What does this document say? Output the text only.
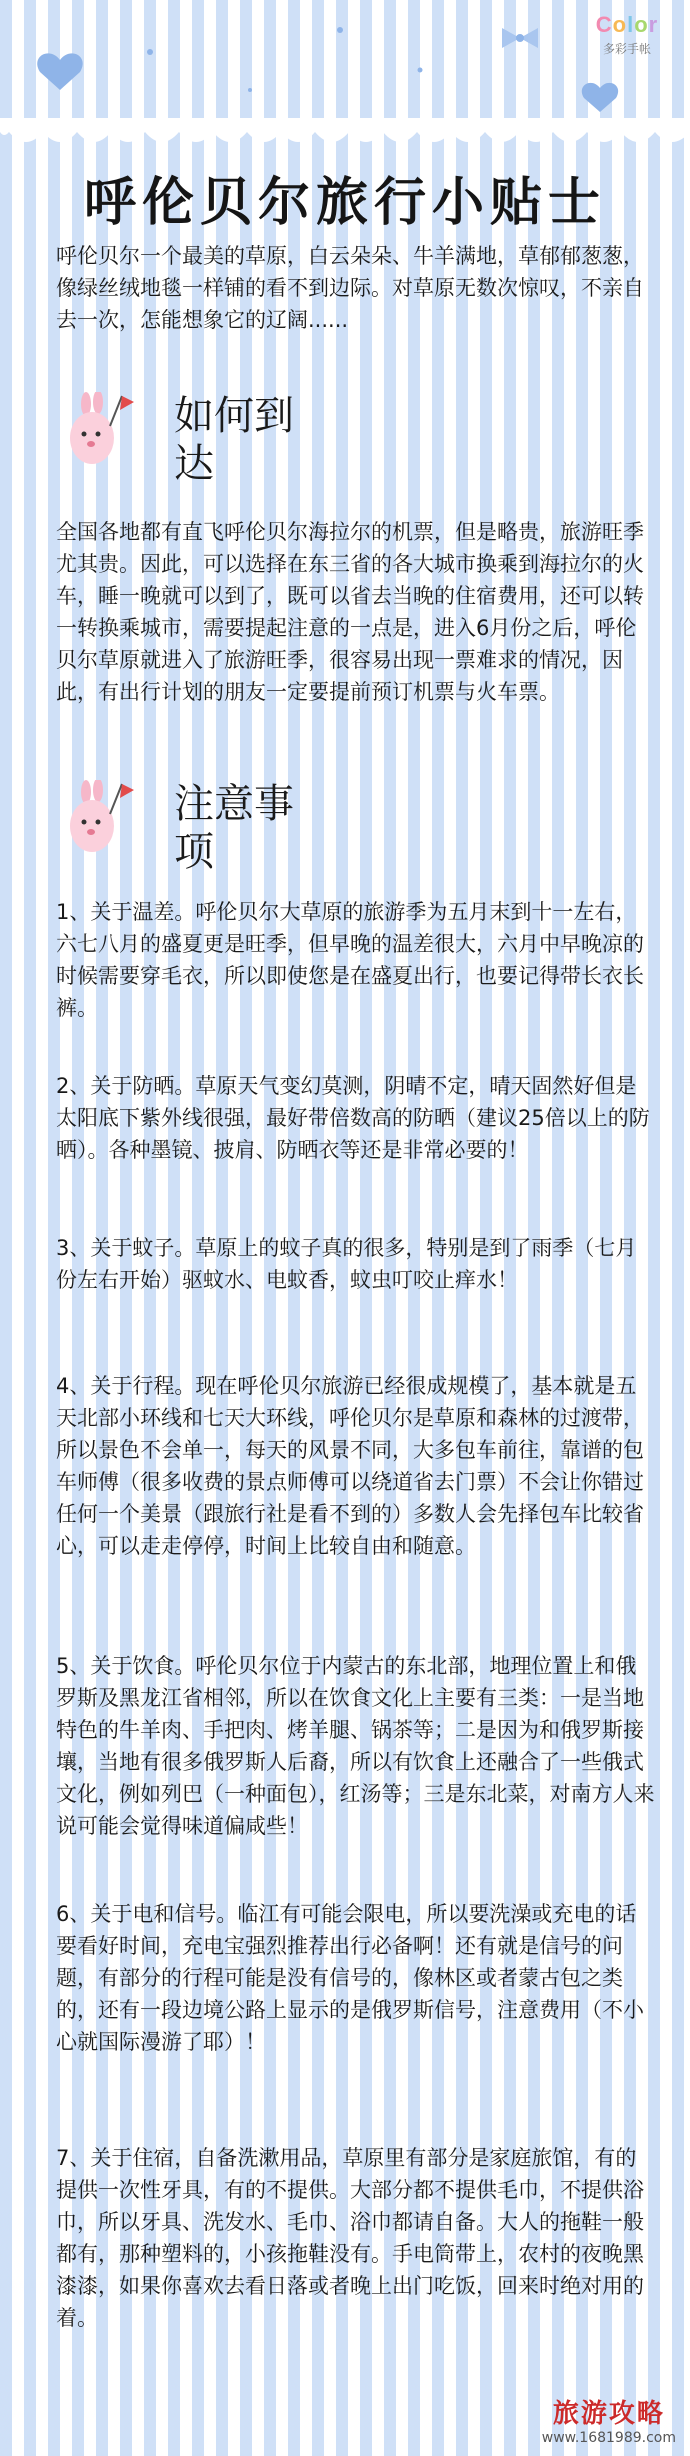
Color
多彩手帐
呼伦贝尔旅行小贴士

呼伦贝尔一个最美的草原，白云朵朵、牛羊满地，草郁郁葱葱，像绿丝绒地毯一样铺的看不到边际。对草原无数次惊叹，不亲自去一次，怎能想象它的辽阔......

如何到达

全国各地都有直飞呼伦贝尔海拉尔的机票，但是略贵，旅游旺季尤其贵。因此，可以选择在东三省的各大城市换乘到海拉尔的火车，睡一晚就可以到了，既可以省去当晚的住宿费用，还可以转一转换乘城市，需要提起注意的一点是，进入6月份之后，呼伦贝尔草原就进入了旅游旺季，很容易出现一票难求的情况，因此，有出行计划的朋友一定要提前预订机票与火车票。

注意事项

1、关于温差。呼伦贝尔大草原的旅游季为五月末到十一左右，六七八月的盛夏更是旺季，但早晚的温差很大，六月中早晚凉的时候需要穿毛衣，所以即使您是在盛夏出行，也要记得带长衣长裤。

2、关于防晒。草原天气变幻莫测，阴晴不定，晴天固然好但是太阳底下紫外线很强，最好带倍数高的防晒（建议25倍以上的防晒）。各种墨镜、披肩、防晒衣等还是非常必要的！

3、关于蚊子。草原上的蚊子真的很多，特别是到了雨季（七月份左右开始）驱蚊水、电蚊香，蚊虫叮咬止痒水！

4、关于行程。现在呼伦贝尔旅游已经很成规模了，基本就是五天北部小环线和七天大环线，呼伦贝尔是草原和森林的过渡带，所以景色不会单一，每天的风景不同，大多包车前往，靠谱的包车师傅（很多收费的景点师傅可以绕道省去门票）不会让你错过任何一个美景（跟旅行社是看不到的）多数人会先择包车比较省心，可以走走停停，时间上比较自由和随意。

5、关于饮食。呼伦贝尔位于内蒙古的东北部，地理位置上和俄罗斯及黑龙江省相邻，所以在饮食文化上主要有三类：一是当地特色的牛羊肉、手把肉、烤羊腿、锅茶等；二是因为和俄罗斯接壤，当地有很多俄罗斯人后裔，所以有饮食上还融合了一些俄式文化，例如列巴（一种面包），红汤等；三是东北菜，对南方人来说可能会觉得味道偏咸些！

6、关于电和信号。临江有可能会限电，所以要洗澡或充电的话要看好时间，充电宝强烈推荐出行必备啊！还有就是信号的问题，有部分的行程可能是没有信号的，像林区或者蒙古包之类的，还有一段边境公路上显示的是俄罗斯信号，注意费用（不小心就国际漫游了耶）！

7、关于住宿，自备洗漱用品，草原里有部分是家庭旅馆，有的提供一次性牙具，有的不提供。大部分都不提供毛巾，不提供浴巾，所以牙具、洗发水、毛巾、浴巾都请自备。大人的拖鞋一般都有，那种塑料的，小孩拖鞋没有。手电筒带上，农村的夜晚黑漆漆，如果你喜欢去看日落或者晚上出门吃饭，回来时绝对用的着。

旅游攻略
www.1681989.com
